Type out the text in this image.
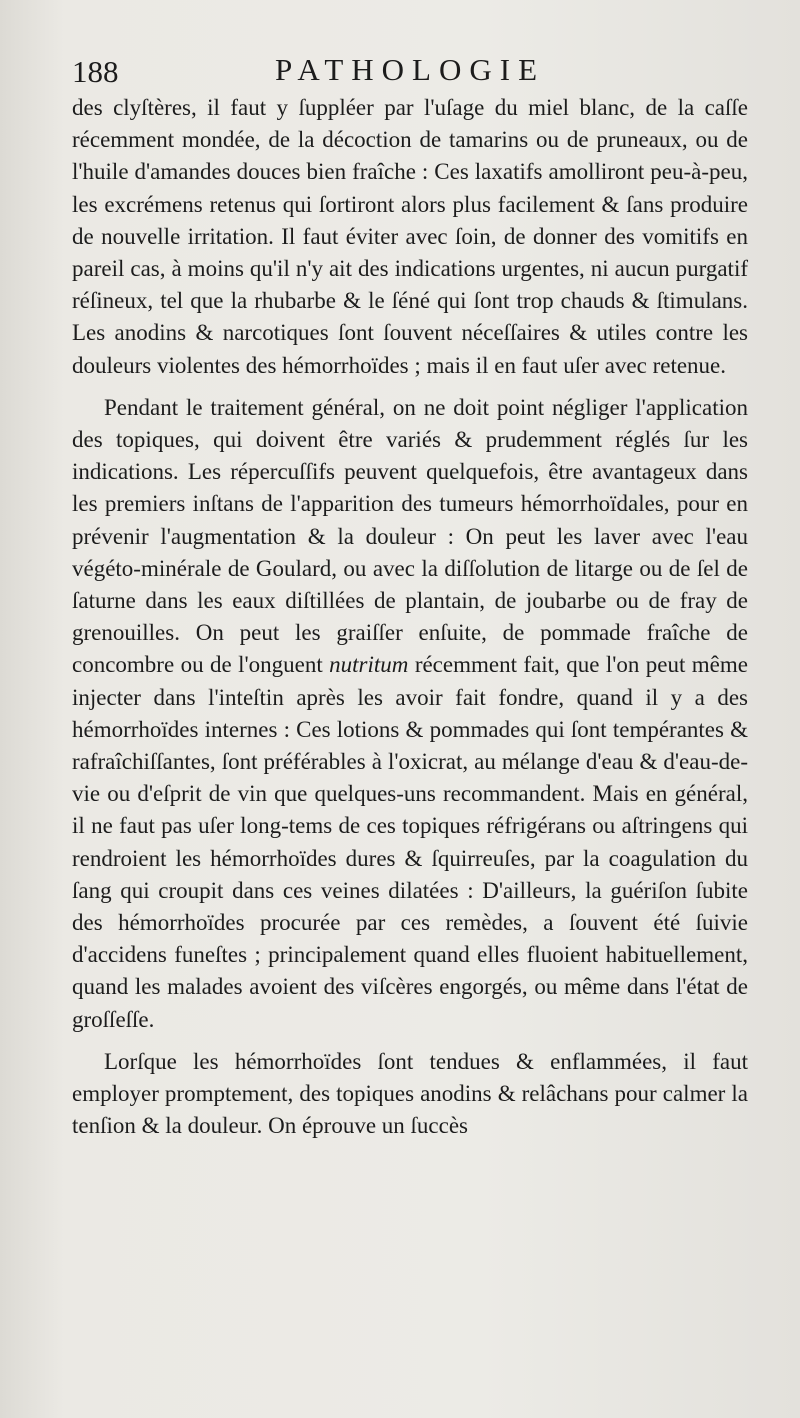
188	PATHOLOGIE

des clyſtères, il faut y ſuppléer par l'uſage du miel blanc, de la caſſe récemment mondée, de la décoction de tamarins ou de pruneaux, ou de l'huile d'amandes douces bien fraîche : Ces laxatifs amolliront peu-à-peu, les excrémens retenus qui ſortiront alors plus facilement & ſans produire de nouvelle irritation. Il faut éviter avec ſoin, de donner des vomitifs en pareil cas, à moins qu'il n'y ait des indications urgentes, ni aucun purgatif réſineux, tel que la rhubarbe & le ſéné qui ſont trop chauds & ſtimulans. Les anodins & narcotiques ſont ſouvent néceſſaires & utiles contre les douleurs violentes des hémorrhoïdes ; mais il en faut uſer avec retenue.

Pendant le traitement général, on ne doit point négliger l'application des topiques, qui doivent être variés & prudemment réglés ſur les indications. Les répercuſſifs peuvent quelquefois, être avantageux dans les premiers inſtans de l'apparition des tumeurs hémorrhoïdales, pour en prévenir l'augmentation & la douleur : On peut les laver avec l'eau végéto-minérale de Goulard, ou avec la diſſolution de litarge ou de ſel de ſaturne dans les eaux diſtillées de plantain, de joubarbe ou de fray de grenouilles. On peut les graiſſer enſuite, de pommade fraîche de concombre ou de l'onguent nutritum récemment fait, que l'on peut même injecter dans l'inteſtin après les avoir fait fondre, quand il y a des hémorrhoïdes internes : Ces lotions & pommades qui ſont tempérantes & rafraîchiſſantes, ſont préférables à l'oxicrat, au mélange d'eau & d'eau-de-vie ou d'eſprit de vin que quelques-uns recommandent. Mais en général, il ne faut pas uſer long-tems de ces topiques réfrigérans ou aſtringens qui rendroient les hémorrhoïdes dures & ſquirreuſes, par la coagulation du ſang qui croupit dans ces veines dilatées : D'ailleurs, la guériſon ſubite des hémorrhoïdes procurée par ces remèdes, a ſouvent été ſuivie d'accidens funeſtes ; principalement quand elles fluoient habituellement, quand les malades avoient des viſcères engorgés, ou même dans l'état de groſſeſſe.

Lorſque les hémorrhoïdes ſont tendues & enflammées, il faut employer promptement, des topiques anodins & relâchans pour calmer la tenſion & la douleur. On éprouve un ſuccès
